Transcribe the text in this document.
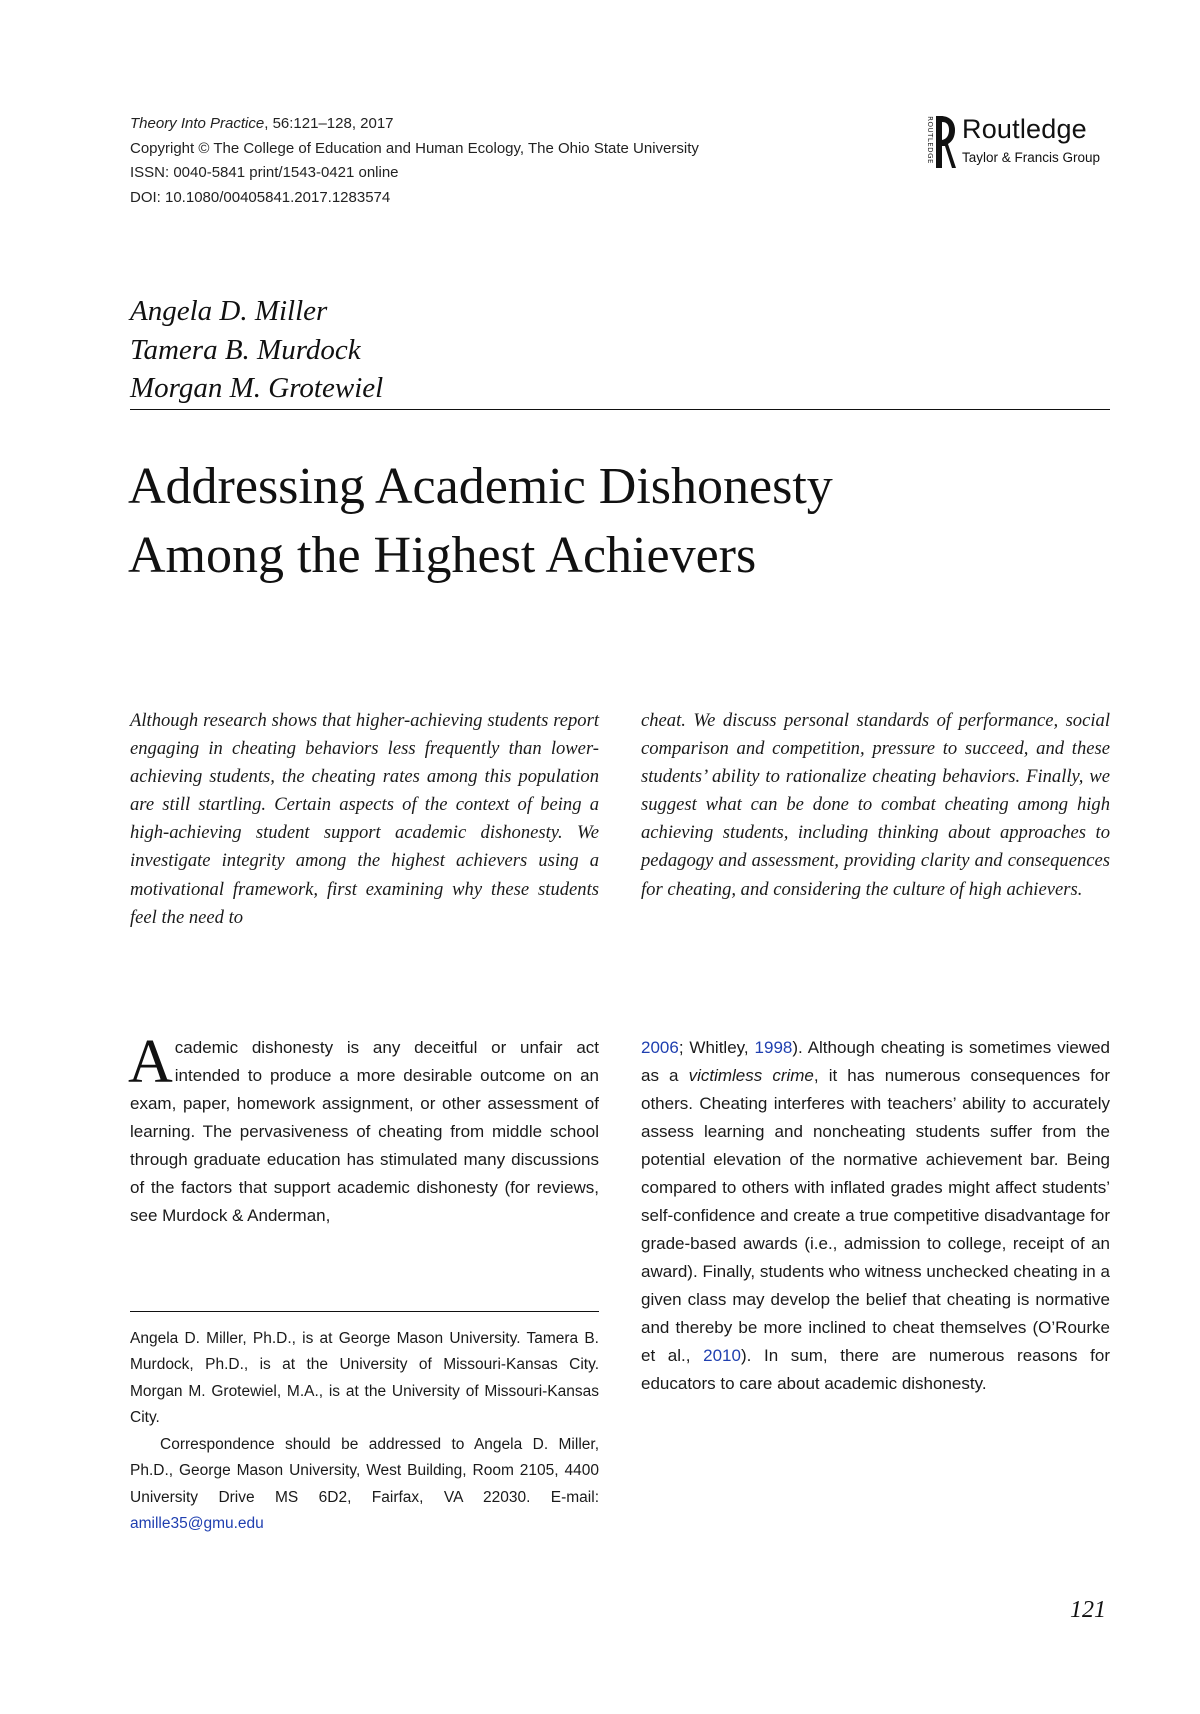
Theory Into Practice, 56:121–128, 2017
Copyright © The College of Education and Human Ecology, The Ohio State University
ISSN: 0040-5841 print/1543-0421 online
DOI: 10.1080/00405841.2017.1283574
ROUTLEDGE Routledge
Taylor & Francis Group
Angela D. Miller
Tamera B. Murdock
Morgan M. Grotewiel
Addressing Academic Dishonesty
Among the Highest Achievers

Although research shows that higher-achieving students report engaging in cheating behaviors less frequently than lower-achieving students, the cheating rates among this population are still startling. Certain aspects of the context of being a high-achieving student support academic dishonesty. We investigate integrity among the highest achievers using a motivational framework, first examining why these students feel the need to

cheat. We discuss personal standards of performance, social comparison and competition, pressure to succeed, and these students’ ability to rationalize cheating behaviors. Finally, we suggest what can be done to combat cheating among high achieving students, including thinking about approaches to pedagogy and assessment, providing clarity and consequences for cheating, and considering the culture of high achievers.

Academic dishonesty is any deceitful or unfair act intended to produce a more desirable outcome on an exam, paper, homework assignment, or other assessment of learning. The pervasiveness of cheating from middle school through graduate education has stimulated many discussions of the factors that support academic dishonesty (for reviews, see Murdock & Anderman,

2006; Whitley, 1998). Although cheating is sometimes viewed as a victimless crime, it has numerous consequences for others. Cheating interferes with teachers’ ability to accurately assess learning and noncheating students suffer from the potential elevation of the normative achievement bar. Being compared to others with inflated grades might affect students’ self-confidence and create a true competitive disadvantage for grade-based awards (i.e., admission to college, receipt of an award). Finally, students who witness unchecked cheating in a given class may develop the belief that cheating is normative and thereby be more inclined to cheat themselves (O’Rourke et al., 2010). In sum, there are numerous reasons for educators to care about academic dishonesty.

Angela D. Miller, Ph.D., is at George Mason University. Tamera B. Murdock, Ph.D., is at the University of Missouri-Kansas City. Morgan M. Grotewiel, M.A., is at the University of Missouri-Kansas City.

Correspondence should be addressed to Angela D. Miller, Ph.D., George Mason University, West Building, Room 2105, 4400 University Drive MS 6D2, Fairfax, VA 22030. E-mail: amille35@gmu.edu

121
